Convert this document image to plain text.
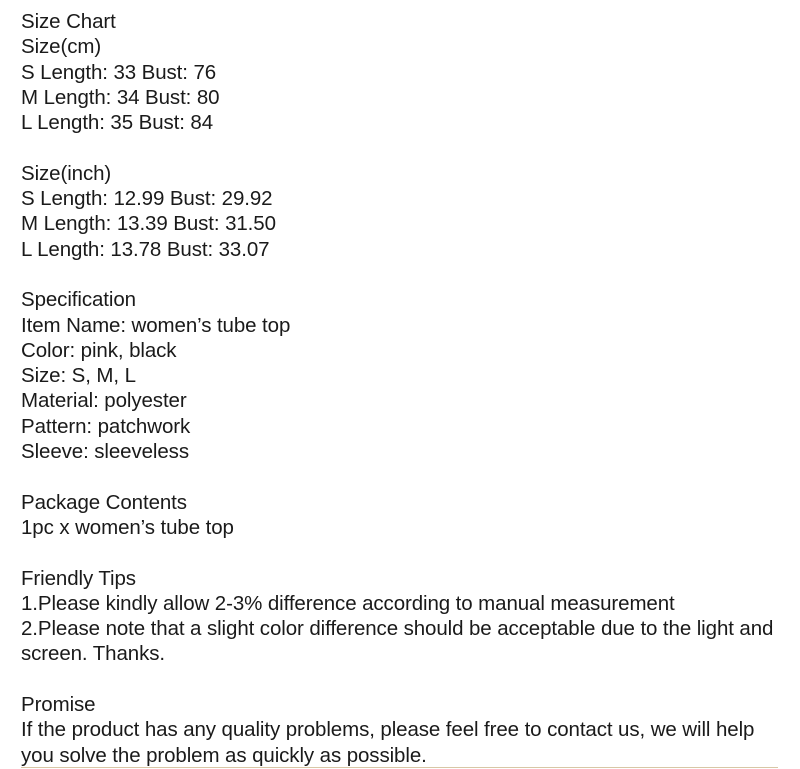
Size Chart
Size(cm)
S Length: 33 Bust: 76
M Length: 34 Bust: 80
L Length: 35 Bust: 84
Size(inch)
S Length: 12.99 Bust: 29.92
M Length: 13.39 Bust: 31.50
L Length: 13.78 Bust: 33.07
Specification
Item Name: women’s tube top
Color: pink, black
Size: S, M, L
Material: polyester
Pattern: patchwork
Sleeve: sleeveless
Package Contents
1pc x women’s tube top
Friendly Tips
1.Please kindly allow 2-3% difference according to manual measurement
2.Please note that a slight color difference should be acceptable due to the light and screen. Thanks.
Promise
If the product has any quality problems, please feel free to contact us, we will help you solve the problem as quickly as possible.
